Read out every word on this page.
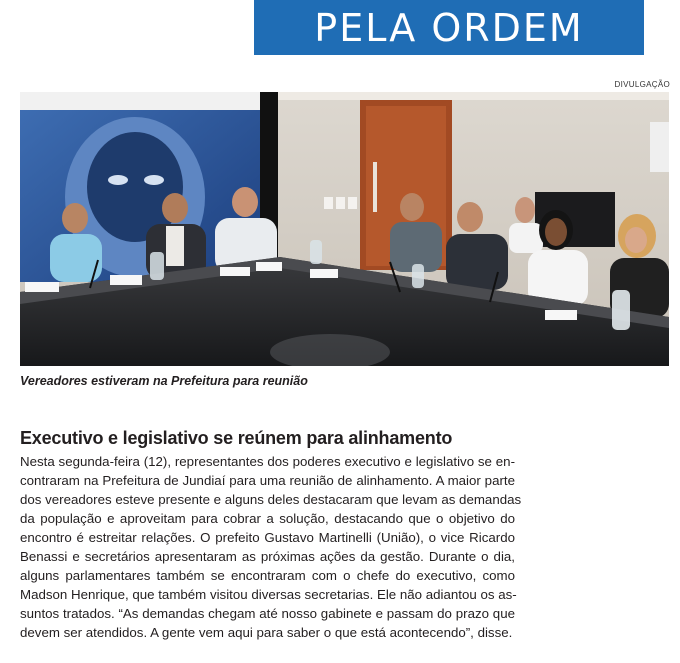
PELA ORDEM
DIVULGAÇÃO
Vereadores estiveram na Prefeitura para reunião
Executivo e legislativo se reúnem para alinhamento

Nesta segunda-feira (12), representantes dos poderes executivo e legislativo se en-
contraram na Prefeitura de Jundiaí para uma reunião de alinhamento. A maior parte
dos vereadores esteve presente e alguns deles destacaram que levam as demandas
da população e aproveitam para cobrar a solução, destacando que o objetivo do
encontro é estreitar relações. O prefeito Gustavo Martinelli (União), o vice Ricardo
Benassi e secretários apresentaram as próximas ações da gestão. Durante o dia,
alguns parlamentares também se encontraram com o chefe do executivo, como
Madson Henrique, que também visitou diversas secretarias. Ele não adiantou os as-
suntos tratados. “As demandas chegam até nosso gabinete e passam do prazo que
devem ser atendidos. A gente vem aqui para saber o que está acontecendo”, disse.
